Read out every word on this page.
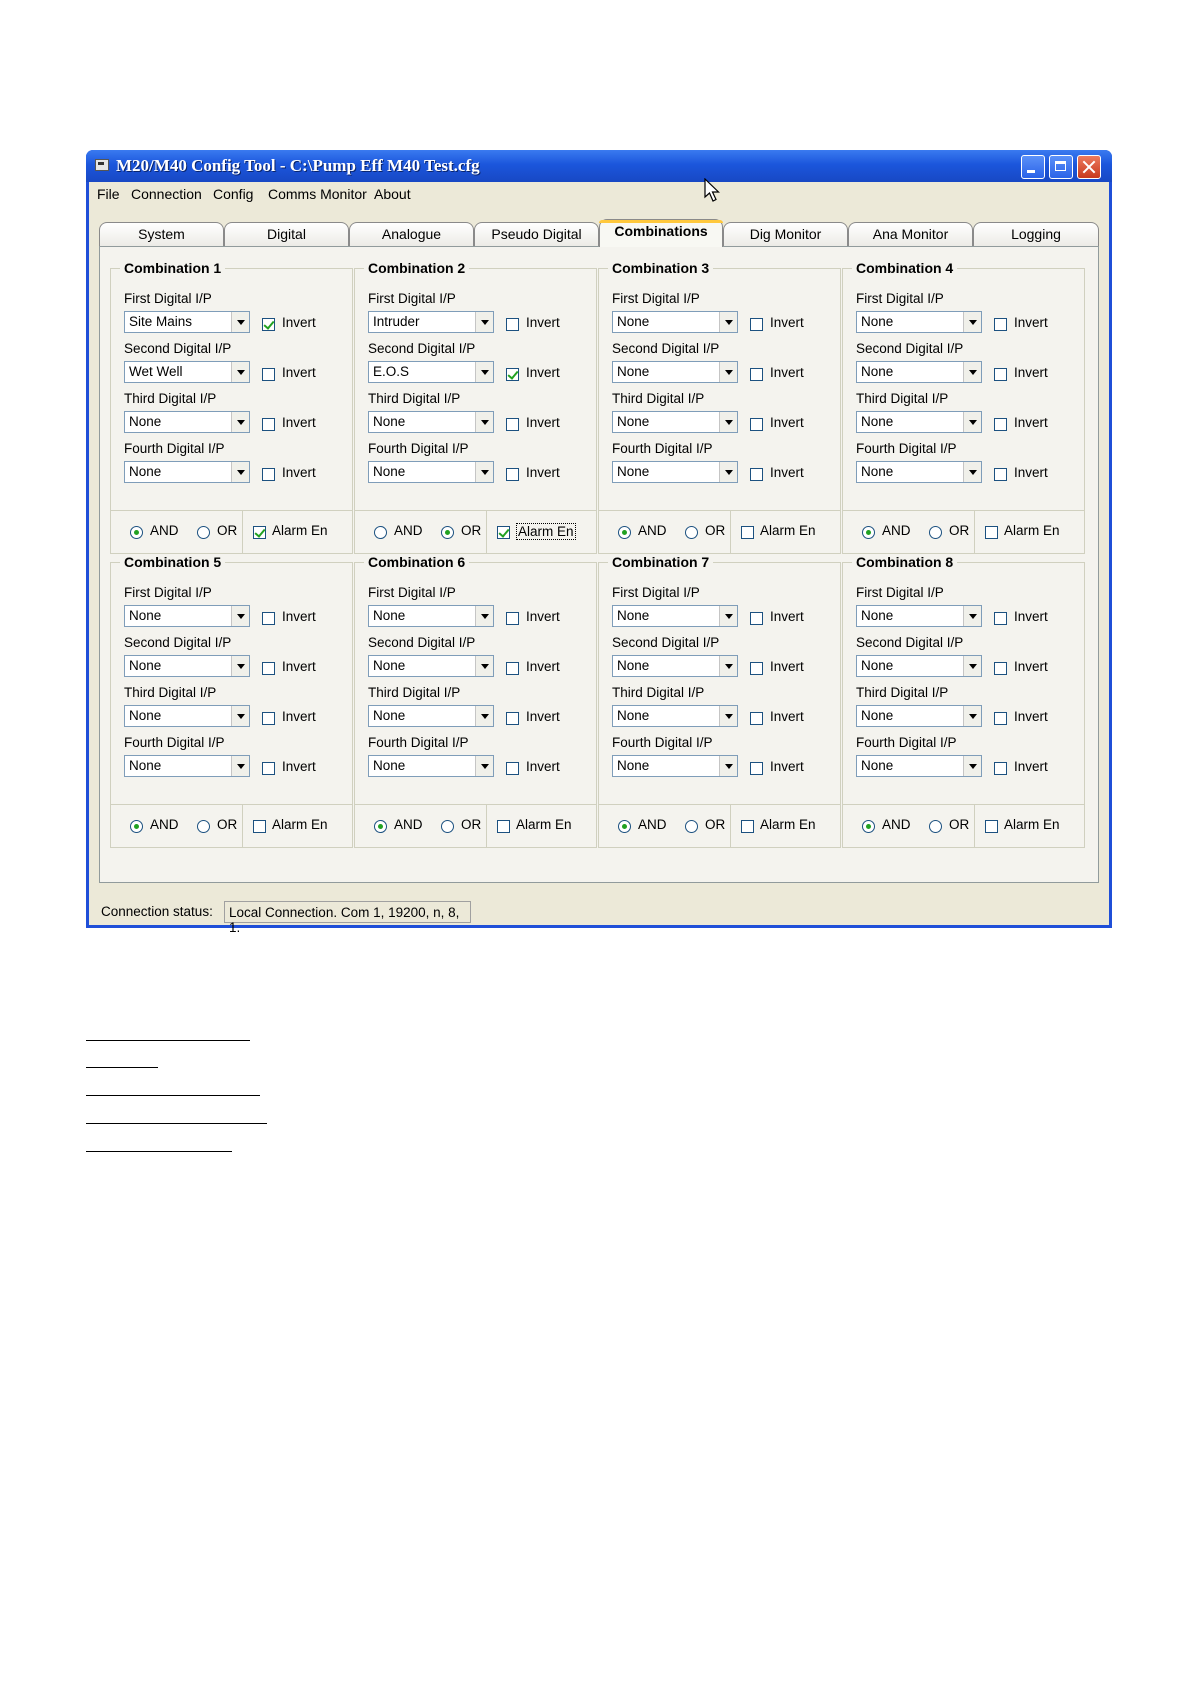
M20/M40 Config Tool - C:\Pump Eff M40 Test.cfg
File Connection Config Comms Monitor About
System	Digital	Analogue	Pseudo Digital	Combinations	Dig Monitor	Ana Monitor	Logging
Combination 1
First Digital I/P
Site Mains	Invert
Second Digital I/P
Wet Well	Invert
Third Digital I/P
None	Invert
Fourth Digital I/P
None	Invert
AND	OR	Alarm En
Combination 2
First Digital I/P
Intruder	Invert
Second Digital I/P
E.O.S	Invert
Third Digital I/P
None	Invert
Fourth Digital I/P
None	Invert
AND	OR	Alarm En
Combination 3
First Digital I/P
None	Invert
Second Digital I/P
None	Invert
Third Digital I/P
None	Invert
Fourth Digital I/P
None	Invert
AND	OR	Alarm En
Combination 4
First Digital I/P
None	Invert
Second Digital I/P
None	Invert
Third Digital I/P
None	Invert
Fourth Digital I/P
None	Invert
AND	OR	Alarm En
Combination 5
First Digital I/P
None	Invert
Second Digital I/P
None	Invert
Third Digital I/P
None	Invert
Fourth Digital I/P
None	Invert
AND	OR	Alarm En
Combination 6
First Digital I/P
None	Invert
Second Digital I/P
None	Invert
Third Digital I/P
None	Invert
Fourth Digital I/P
None	Invert
AND	OR	Alarm En
Combination 7
First Digital I/P
None	Invert
Second Digital I/P
None	Invert
Third Digital I/P
None	Invert
Fourth Digital I/P
None	Invert
AND	OR	Alarm En
Combination 8
First Digital I/P
None	Invert
Second Digital I/P
None	Invert
Third Digital I/P
None	Invert
Fourth Digital I/P
None	Invert
AND	OR	Alarm En
Connection status:	Local Connection. Com 1, 19200, n, 8, 1.
